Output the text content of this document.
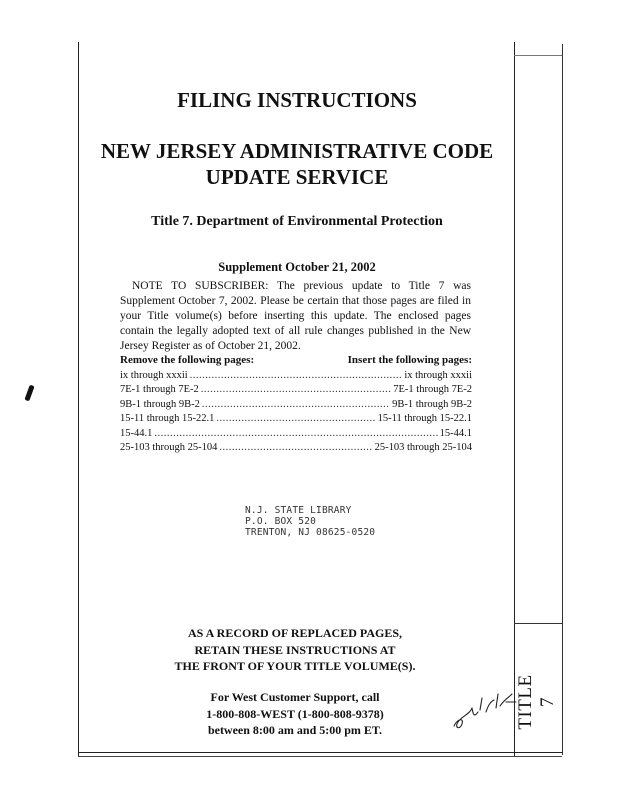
TITLE 7
FILING INSTRUCTIONS
NEW JERSEY ADMINISTRATIVE CODE
UPDATE SERVICE
Title 7. Department of Environmental Protection
Supplement October 21, 2002
NOTE TO SUBSCRIBER: The previous update to Title 7 was Supplement October 7, 2002. Please be certain that those pages are filed in your Title volume(s) before inserting this update. The enclosed pages contain the legally adopted text of all rule changes published in the New Jersey Register as of October 21, 2002.
Remove the following pages:	Insert the following pages:
ix through xxxii .....	ix through xxxii
7E-1 through 7E-2 .....	7E-1 through 7E-2
9B-1 through 9B-2 .....	9B-1 through 9B-2
15-11 through 15-22.1 .....	15-11 through 15-22.1
15-44.1 .....	15-44.1
25-103 through 25-104 .....	25-103 through 25-104
N.J. STATE LIBRARY
P.O. BOX 520
TRENTON, NJ 08625-0520
AS A RECORD OF REPLACED PAGES,
RETAIN THESE INSTRUCTIONS AT
THE FRONT OF YOUR TITLE VOLUME(S).
For West Customer Support, call
1-800-808-WEST (1-800-808-9378)
between 8:00 am and 5:00 pm ET.
